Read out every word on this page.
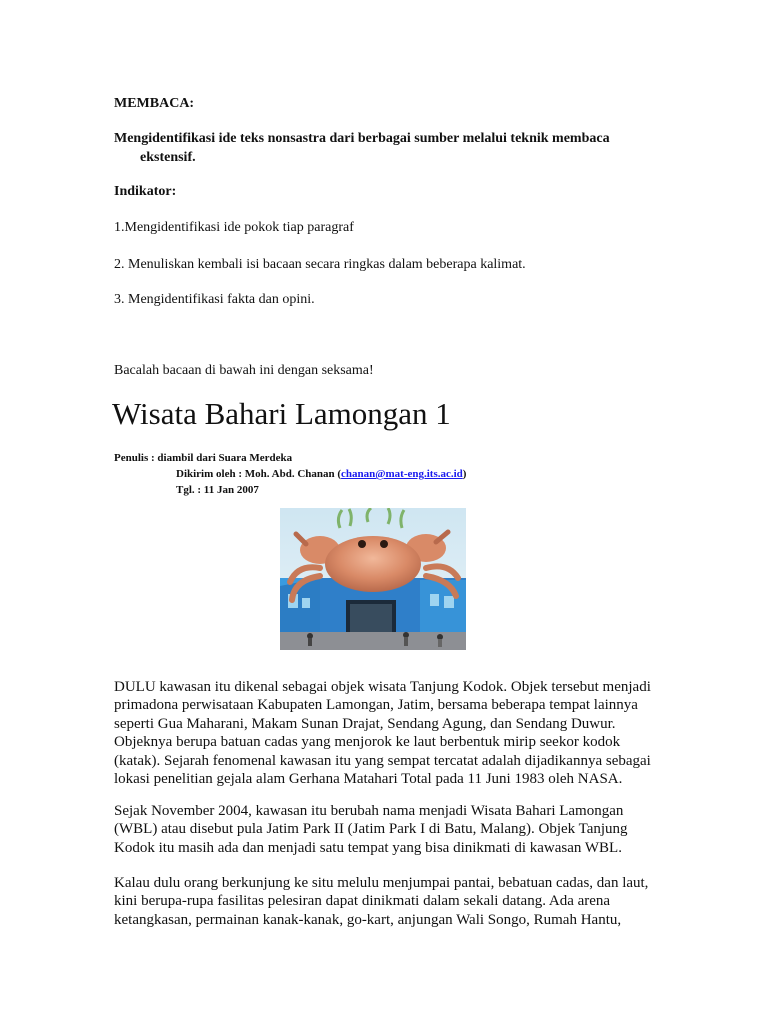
MEMBACA:
Mengidentifikasi ide teks nonsastra dari berbagai sumber melalui teknik membaca
ekstensif.
Indikator:
1.Mengidentifikasi ide pokok tiap paragraf
2. Menuliskan kembali isi bacaan secara ringkas dalam beberapa kalimat.
3. Mengidentifikasi fakta dan opini.
Bacalah bacaan di bawah ini dengan seksama!
Wisata Bahari Lamongan 1
Penulis : diambil dari Suara Merdeka
Dikirim oleh : Moh. Abd. Chanan (chanan@mat-eng.its.ac.id)
Tgl. : 11 Jan 2007
DULU kawasan itu dikenal sebagai objek wisata Tanjung Kodok. Objek tersebut menjadi
primadona perwisataan Kabupaten Lamongan, Jatim, bersama beberapa tempat lainnya
seperti Gua Maharani, Makam Sunan Drajat, Sendang Agung, dan Sendang Duwur.
Objeknya berupa batuan cadas yang menjorok ke laut berbentuk mirip seekor kodok
(katak). Sejarah fenomenal kawasan itu yang sempat tercatat adalah dijadikannya sebagai
lokasi penelitian gejala alam Gerhana Matahari Total pada 11 Juni 1983 oleh NASA.
Sejak November 2004, kawasan itu berubah nama menjadi Wisata Bahari Lamongan
(WBL) atau disebut pula Jatim Park II (Jatim Park I di Batu, Malang). Objek Tanjung
Kodok itu masih ada dan menjadi satu tempat yang bisa dinikmati di kawasan WBL.
Kalau dulu orang berkunjung ke situ melulu menjumpai pantai, bebatuan cadas, dan laut,
kini berupa-rupa fasilitas pelesiran dapat dinikmati dalam sekali datang. Ada arena
ketangkasan, permainan kanak-kanak, go-kart, anjungan Wali Songo, Rumah Hantu,
